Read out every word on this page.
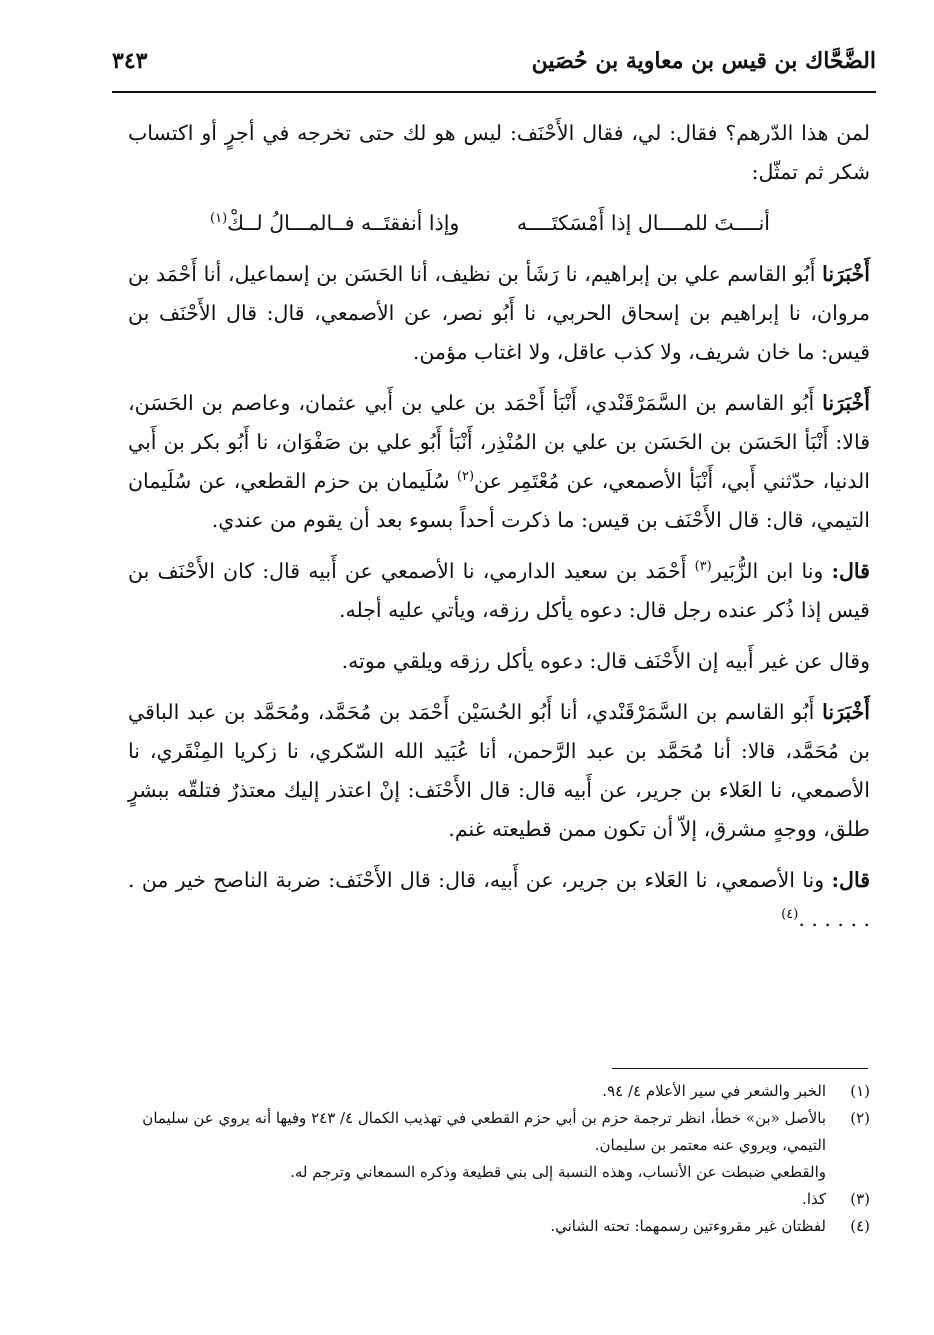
الضَّحَّاك بن قيس بن معاوية بن حُصَين
٣٤٣

لمن هذا الدّرهم؟ فقال: لي، فقال الأَحْنَف: ليس هو لك حتى تخرجه في أجرٍ أو اكتساب شكر ثم تمثّل:

أنــــتَ للمــــال إذا أَمْسَكتَــــه
وإذا أنفقتَــه فــالمـــالُ لــكْ$^{(١)}$

أَخْبَرَنا أَبُو القاسم علي بن إبراهيم، نا رَشَأ بن نظيف، أنا الحَسَن بن إسماعيل، أنا أَحْمَد بن مروان، نا إبراهيم بن إسحاق الحربي، نا أَبُو نصر، عن الأصمعي، قال: قال الأَحْنَف بن قيس: ما خان شريف، ولا كذب عاقل، ولا اغتاب مؤمن.

أَخْبَرَنا أَبُو القاسم بن السَّمَرْقَنْدي، أَنْبَأ أَحْمَد بن علي بن أَبي عثمان، وعاصم بن الحَسَن، قالا: أَنْبَأ الحَسَن بن الحَسَن بن علي بن المُنْذِر، أَنْبَأ أَبُو علي بن صَفْوَان، نا أَبُو بكر بن أَبي الدنيا، حدّثني أَبي، أَنْبَأ الأصمعي، عن مُعْتَمِر عن$^{(٢)}$ سُلَيمان بن حزم القطعي، عن سُلَيمان التيمي، قال: قال الأَحْنَف بن قيس: ما ذكرت أحداً بسوء بعد أن يقوم من عندي.

قال: ونا ابن الزُّبَير$^{(٣)}$ أَحْمَد بن سعيد الدارمي، نا الأصمعي عن أَبيه قال: كان الأَحْنَف بن قيس إذا ذُكر عنده رجل قال: دعوه يأكل رزقه، ويأتي عليه أجله.

وقال عن غير أَبيه إن الأَحْنَف قال: دعوه يأكل رزقه ويلقي موته.

أَخْبَرَنا أَبُو القاسم بن السَّمَرْقَنْدي، أنا أَبُو الحُسَيْن أَحْمَد بن مُحَمَّد، ومُحَمَّد بن عبد الباقي بن مُحَمَّد، قالا: أنا مُحَمَّد بن عبد الرَّحمن، أنا عُبَيد الله السّكري، نا زكريا المِنْقَري، نا الأصمعي، نا العَلاء بن جرير، عن أَبيه قال: قال الأَحْنَف: إنْ اعتذر إليك معتذرٌ فتلقّه ببشرٍ طلق، ووجهٍ مشرق، إلاّ أن تكون ممن قطيعته غنم.

قال: ونا الأصمعي، نا العَلاء بن جرير، عن أَبيه، قال: قال الأَحْنَف: ضربة الناصح خير من . . . . . . .$^{(٤)}$

(١)
الخبر والشعر في سير الأعلام ٤/ ٩٤.
(٢)
بالأصل «بن» خطأ، انظر ترجمة حزم بن أبي حزم القطعي في تهذيب الكمال ٤/ ٢٤٣ وفيها أنه يروي عن سليمان التيمي، ويروي عنه معتمر بن سليمان.
والقطعي ضبطت عن الأنساب، وهذه النسبة إلى بني قطيعة وذكره السمعاني وترجم له.
(٣)
كذا.
(٤)
لفظتان غير مقروءتين رسمهما: تحته الشاني.
